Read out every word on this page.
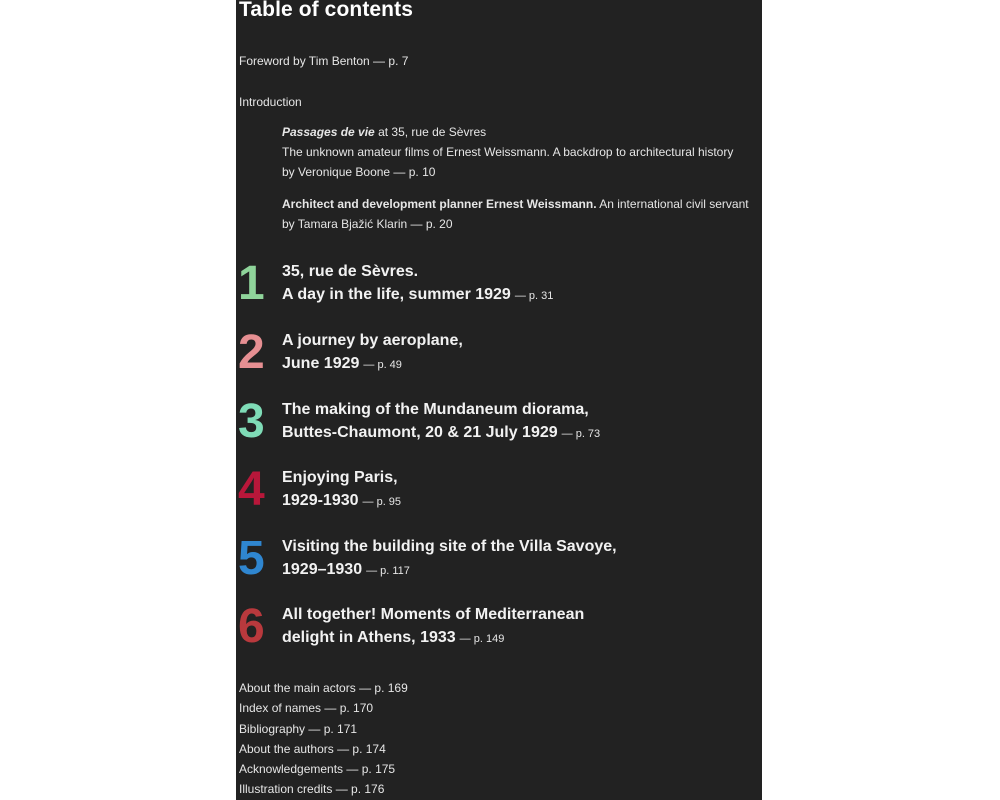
Table of contents
Foreword by Tim Benton — p. 7
Introduction
Passages de vie at 35, rue de Sèvres
The unknown amateur films of Ernest Weissmann. A backdrop to architectural history
by Veronique Boone — p. 10
Architect and development planner Ernest Weissmann. An international civil servant
by Tamara Bjažić Klarin — p. 20
1 35, rue de Sèvres.
A day in the life, summer 1929 — p. 31
2 A journey by aeroplane,
June 1929 — p. 49
3 The making of the Mundaneum diorama,
Buttes-Chaumont, 20 & 21 July 1929 — p. 73
4 Enjoying Paris,
1929-1930 — p. 95
5 Visiting the building site of the Villa Savoye,
1929–1930 — p. 117
6 All together! Moments of Mediterranean
delight in Athens, 1933 — p. 149
About the main actors — p. 169
Index of names — p. 170
Bibliography — p. 171
About the authors — p. 174
Acknowledgements — p. 175
Illustration credits — p. 176
